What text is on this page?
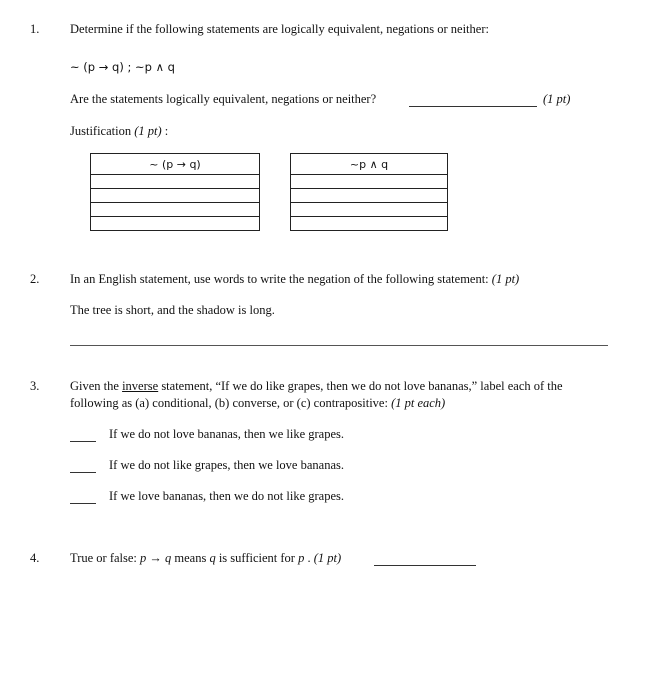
1. Determine if the following statements are logically equivalent, negations or neither:
~ (p → q) ; ~p ∧ q
Are the statements logically equivalent, negations or neither?	(1 pt)
Justification (1 pt) :
~ (p → q)	~p ∧ q

2. In an English statement, use words to write the negation of the following statement: (1 pt)
The tree is short, and the shadow is long.
3. Given the inverse statement, “If we do like grapes, then we do not love bananas,” label each of the
following as (a) conditional, (b) converse, or (c) contrapositive: (1 pt each)
If we do not love bananas, then we like grapes.
If we do not like grapes, then we love bananas.
If we love bananas, then we do not like grapes.
4. True or false: p → q means q is sufficient for p . (1 pt)
